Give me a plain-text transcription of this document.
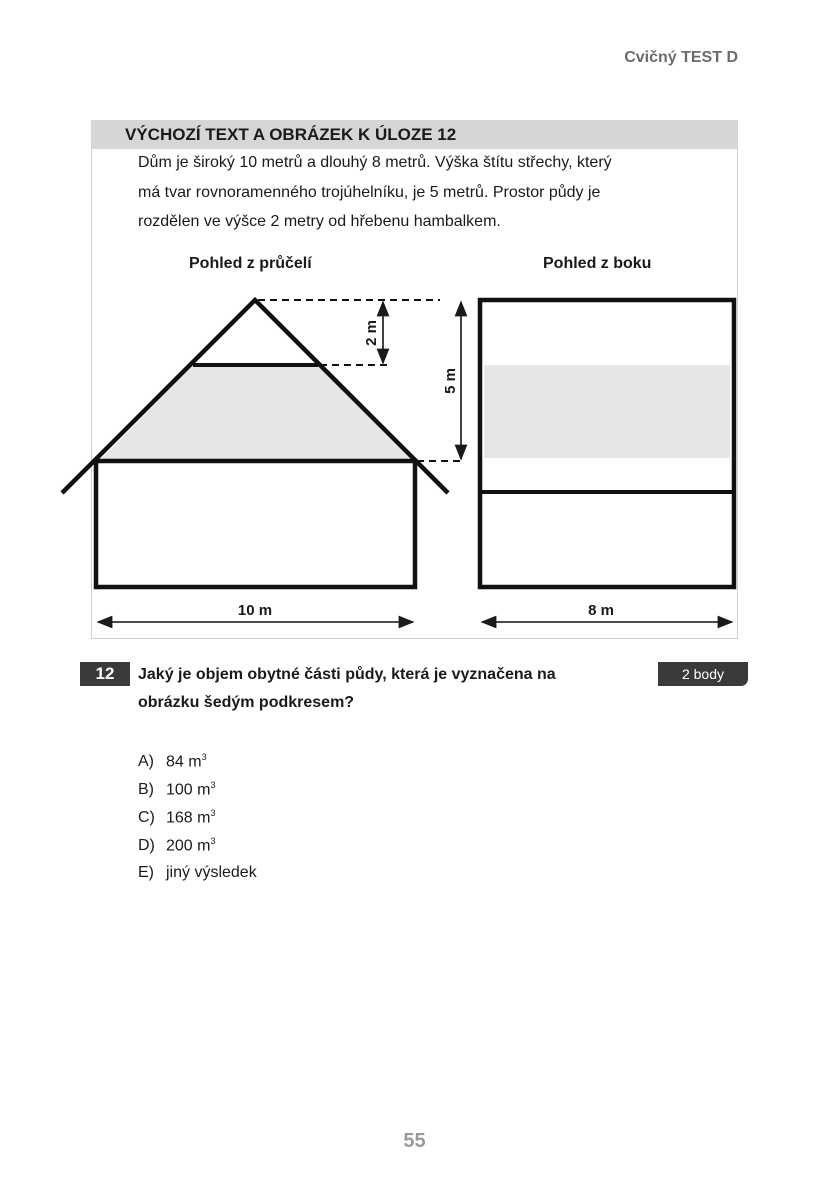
Cvičný TEST D
VÝCHOZÍ TEXT A OBRÁZEK K ÚLOZE 12
Dům je široký 10 metrů a dlouhý 8 metrů. Výška štítu střechy, který
má tvar rovnoramenného trojúhelníku, je 5 metrů. Prostor půdy je
rozdělen ve výšce 2 metry od hřebenu hambalkem.
Pohled z průčelí	Pohled z boku
2 m
5 m
10 m	8 m
12	2 body
Jaký je objem obytné části půdy, která je vyznačena na
obrázku šedým podkresem?
A) 84 $m^3$
B) 100 $m^3$
C) 168 $m^3$
D) 200 $m^3$
E) jiný výsledek
55
